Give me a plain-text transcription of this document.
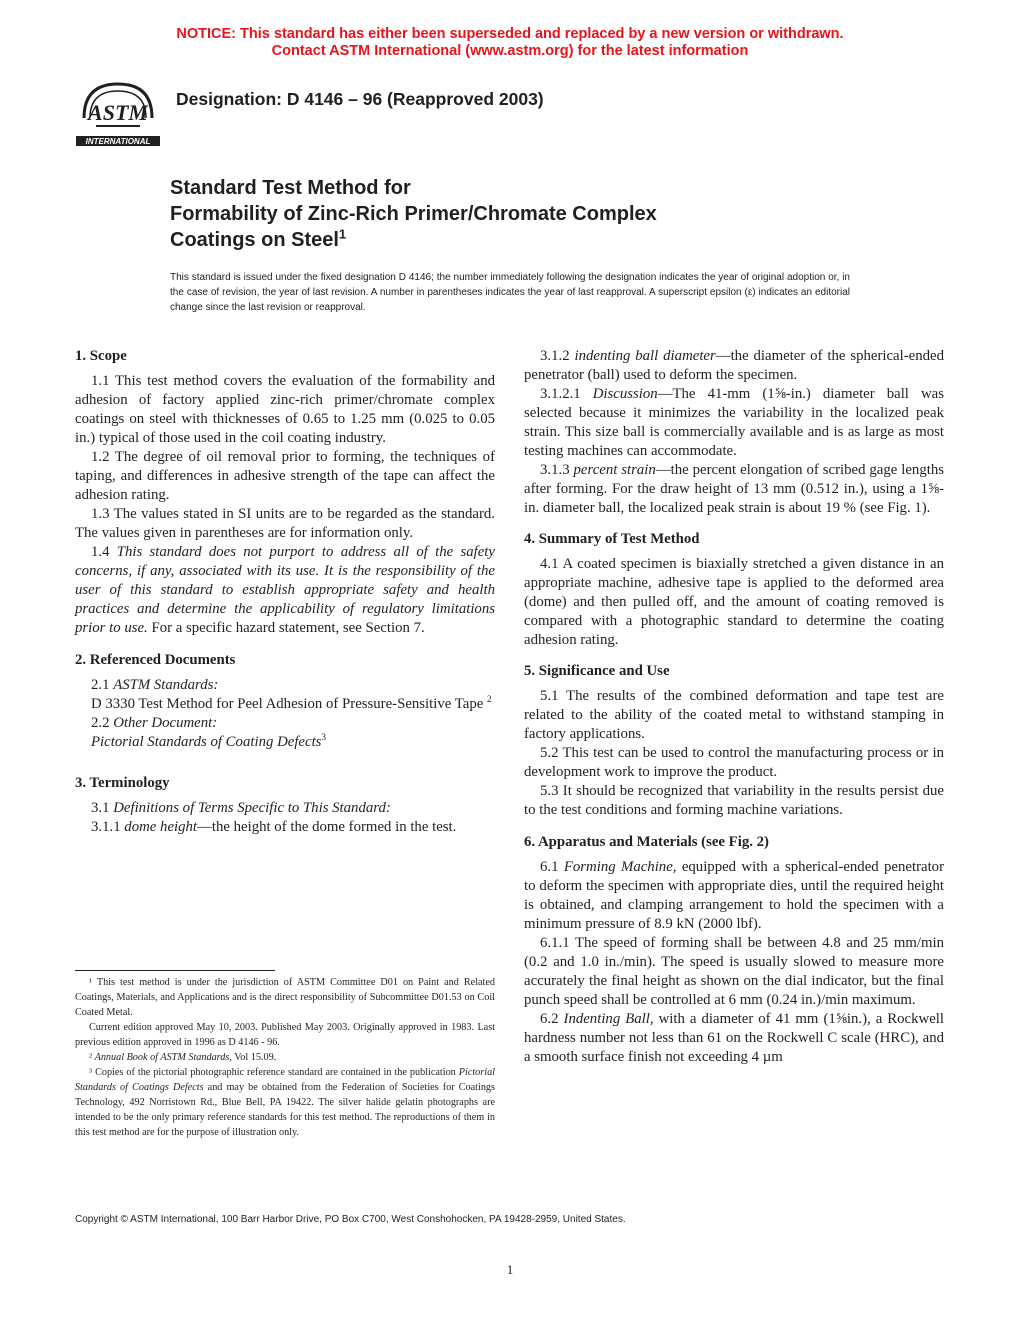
NOTICE: This standard has either been superseded and replaced by a new version or withdrawn.
Contact ASTM International (www.astm.org) for the latest information
ASTM
INTERNATIONAL
Designation: D 4146 – 96 (Reapproved 2003)
Standard Test Method for
Formability of Zinc-Rich Primer/Chromate Complex
Coatings on Steel$^1$
This standard is issued under the fixed designation D 4146; the number immediately following the designation indicates the year of original adoption or, in the case of revision, the year of last revision. A number in parentheses indicates the year of last reapproval. A superscript epsilon (ε) indicates an editorial change since the last revision or reapproval.

1. Scope

1.1 This test method covers the evaluation of the formability and adhesion of factory applied zinc-rich primer/chromate complex coatings on steel with thicknesses of 0.65 to 1.25 mm (0.025 to 0.05 in.) typical of those used in the coil coating industry.

1.2 The degree of oil removal prior to forming, the techniques of taping, and differences in adhesive strength of the tape can affect the adhesion rating.

1.3 The values stated in SI units are to be regarded as the standard. The values given in parentheses are for information only.

1.4 This standard does not purport to address all of the safety concerns, if any, associated with its use. It is the responsibility of the user of this standard to establish appropriate safety and health practices and determine the applicability of regulatory limitations prior to use. For a specific hazard statement, see Section 7.

2. Referenced Documents

2.1 ASTM Standards:

D 3330 Test Method for Peel Adhesion of Pressure-Sensitive Tape $^2$

2.2 Other Document:

Pictorial Standards of Coating Defects$^3$

3. Terminology

3.1 Definitions of Terms Specific to This Standard:

3.1.1 dome height—the height of the dome formed in the test.

¹ This test method is under the jurisdiction of ASTM Committee D01 on Paint and Related Coatings, Materials, and Applications and is the direct responsibility of Subcommittee D01.53 on Coil Coated Metal.

Current edition approved May 10, 2003. Published May 2003. Originally approved in 1983. Last previous edition approved in 1996 as D 4146 - 96.

² Annual Book of ASTM Standards, Vol 15.09.

³ Copies of the pictorial photographic reference standard are contained in the publication Pictorial Standards of Coatings Defects and may be obtained from the Federation of Societies for Coatings Technology, 492 Norristown Rd., Blue Bell, PA 19422. The silver halide gelatin photographs are intended to be the only primary reference standards for this test method. The reproductions of them in this test method are for the purpose of illustration only.

3.1.2 indenting ball diameter—the diameter of the spherical-ended penetrator (ball) used to deform the specimen.

3.1.2.1 Discussion—The 41-mm (1⅝-in.) diameter ball was selected because it minimizes the variability in the localized peak strain. This size ball is commercially available and is as large as most testing machines can accommodate.

3.1.3 percent strain—the percent elongation of scribed gage lengths after forming. For the draw height of 13 mm (0.512 in.), using a 1⅝-in. diameter ball, the localized peak strain is about 19 % (see Fig. 1).

4. Summary of Test Method

4.1 A coated specimen is biaxially stretched a given distance in an appropriate machine, adhesive tape is applied to the deformed area (dome) and then pulled off, and the amount of coating removed is compared with a photographic standard to determine the coating adhesion rating.

5. Significance and Use

5.1 The results of the combined deformation and tape test are related to the ability of the coated metal to withstand stamping in factory applications.

5.2 This test can be used to control the manufacturing process or in development work to improve the product.

5.3 It should be recognized that variability in the results persist due to the test conditions and forming machine variations.

6. Apparatus and Materials (see Fig. 2)

6.1 Forming Machine, equipped with a spherical-ended penetrator to deform the specimen with appropriate dies, until the required height is obtained, and clamping arrangement to hold the specimen with a minimum pressure of 8.9 kN (2000 lbf).

6.1.1 The speed of forming shall be between 4.8 and 25 mm/min (0.2 and 1.0 in./min). The speed is usually slowed to measure more accurately the final height as shown on the dial indicator, but the final punch speed shall be controlled at 6 mm (0.24 in.)/min maximum.

6.2 Indenting Ball, with a diameter of 41 mm (1⅝in.), a Rockwell hardness number not less than 61 on the Rockwell C scale (HRC), and a smooth surface finish not exceeding 4 µm

Copyright © ASTM International, 100 Barr Harbor Drive, PO Box C700, West Conshohocken, PA 19428-2959, United States.
1
